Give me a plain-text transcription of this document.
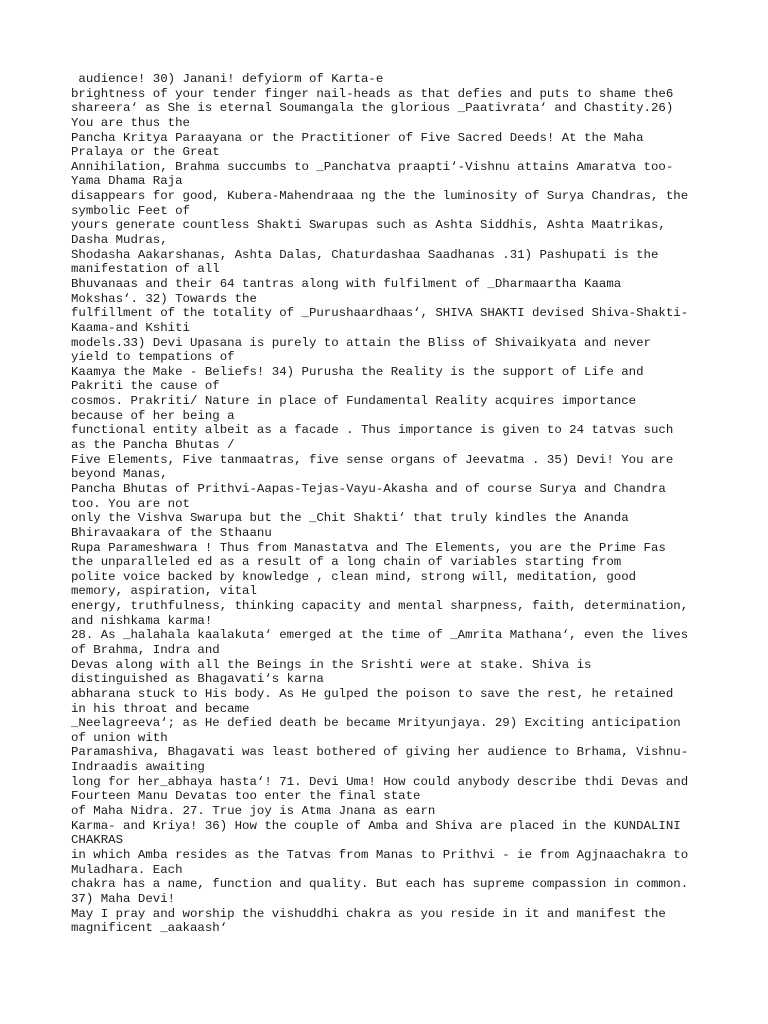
audience! 30) Janani! defyiorm of Karta-e
brightness of your tender finger nail-heads as that defies and puts to shame the6
shareera‘ as She is eternal Soumangala the glorious _Paativrata‘ and Chastity.26)
You are thus the
Pancha Kritya Paraayana or the Practitioner of Five Sacred Deeds! At the Maha
Pralaya or the Great
Annihilation, Brahma succumbs to _Panchatva praapti‘-Vishnu attains Amaratva too-
Yama Dhama Raja
disappears for good, Kubera-Mahendraaa ng the the luminosity of Surya Chandras, the
symbolic Feet of
yours generate countless Shakti Swarupas such as Ashta Siddhis, Ashta Maatrikas,
Dasha Mudras,
Shodasha Aakarshanas, Ashta Dalas, Chaturdashaa Saadhanas .31) Pashupati is the
manifestation of all
Bhuvanaas and their 64 tantras along with fulfilment of _Dharmaartha Kaama
Mokshas‘. 32) Towards the
fulfillment of the totality of _Purushaardhaas‘, SHIVA SHAKTI devised Shiva-Shakti-
Kaama-and Kshiti
models.33) Devi Upasana is purely to attain the Bliss of Shivaikyata and never
yield to tempations of
Kaamya the Make - Beliefs! 34) Purusha the Reality is the support of Life and
Pakriti the cause of
cosmos. Prakriti/ Nature in place of Fundamental Reality acquires importance
because of her being a
functional entity albeit as a facade . Thus importance is given to 24 tatvas such
as the Pancha Bhutas /
Five Elements, Five tanmaatras, five sense organs of Jeevatma . 35) Devi! You are
beyond Manas,
Pancha Bhutas of Prithvi-Aapas-Tejas-Vayu-Akasha and of course Surya and Chandra
too. You are not
only the Vishva Swarupa but the _Chit Shakti‘ that truly kindles the Ananda
Bhiravaakara of the Sthaanu
Rupa Parameshwara ! Thus from Manastatva and The Elements, you are the Prime Fas
the unparalleled ed as a result of a long chain of variables starting from
polite voice backed by knowledge , clean mind, strong will, meditation, good
memory, aspiration, vital
energy, truthfulness, thinking capacity and mental sharpness, faith, determination,
and nishkama karma!
28. As _halahala kaalakuta‘ emerged at the time of _Amrita Mathana‘, even the lives
of Brahma, Indra and
Devas along with all the Beings in the Srishti were at stake. Shiva is
distinguished as Bhagavati‘s karna
abharana stuck to His body. As He gulped the poison to save the rest, he retained
in his throat and became
_Neelagreeva‘; as He defied death be became Mrityunjaya. 29) Exciting anticipation
of union with
Paramashiva, Bhagavati was least bothered of giving her audience to Brhama, Vishnu-
Indraadis awaiting
long for her_abhaya hasta‘! 71. Devi Uma! How could anybody describe thdi Devas and
Fourteen Manu Devatas too enter the final state
of Maha Nidra. 27. True joy is Atma Jnana as earn
Karma- and Kriya! 36) How the couple of Amba and Shiva are placed in the KUNDALINI
CHAKRAS
in which Amba resides as the Tatvas from Manas to Prithvi - ie from Agjnaachakra to
Muladhara. Each
chakra has a name, function and quality. But each has supreme compassion in common.
37) Maha Devi!
May I pray and worship the vishuddhi chakra as you reside in it and manifest the
magnificent _aakaash‘
